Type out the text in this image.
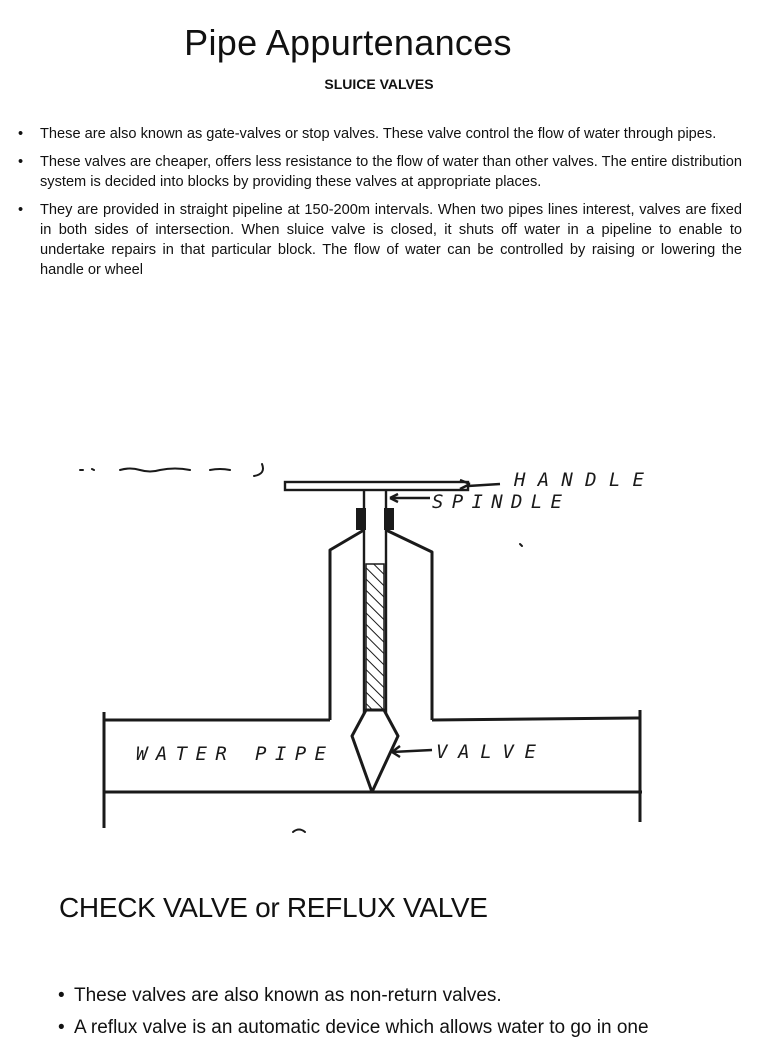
Pipe Appurtenances
SLUICE VALVES
• These are also known as gate-valves or stop valves. These valve control the flow of water through pipes.
• These valves are cheaper, offers less resistance to the flow of water than other valves. The entire distribution system is decided into blocks by providing these valves at appropriate places.
• They are provided in straight pipeline at 150-200m intervals. When two pipes lines interest, valves are fixed in both sides of intersection. When sluice valve is closed, it shuts off water in a pipeline to enable to undertake repairs in that particular block. The flow of water can be controlled by raising or lowering the handle or wheel
HANDLE
SPINDLE
WATER PIPE	VALVE
CHECK VALVE or REFLUX VALVE
• These valves are also known as non-return valves.
• A reflux valve is an automatic device which allows water to go in one
